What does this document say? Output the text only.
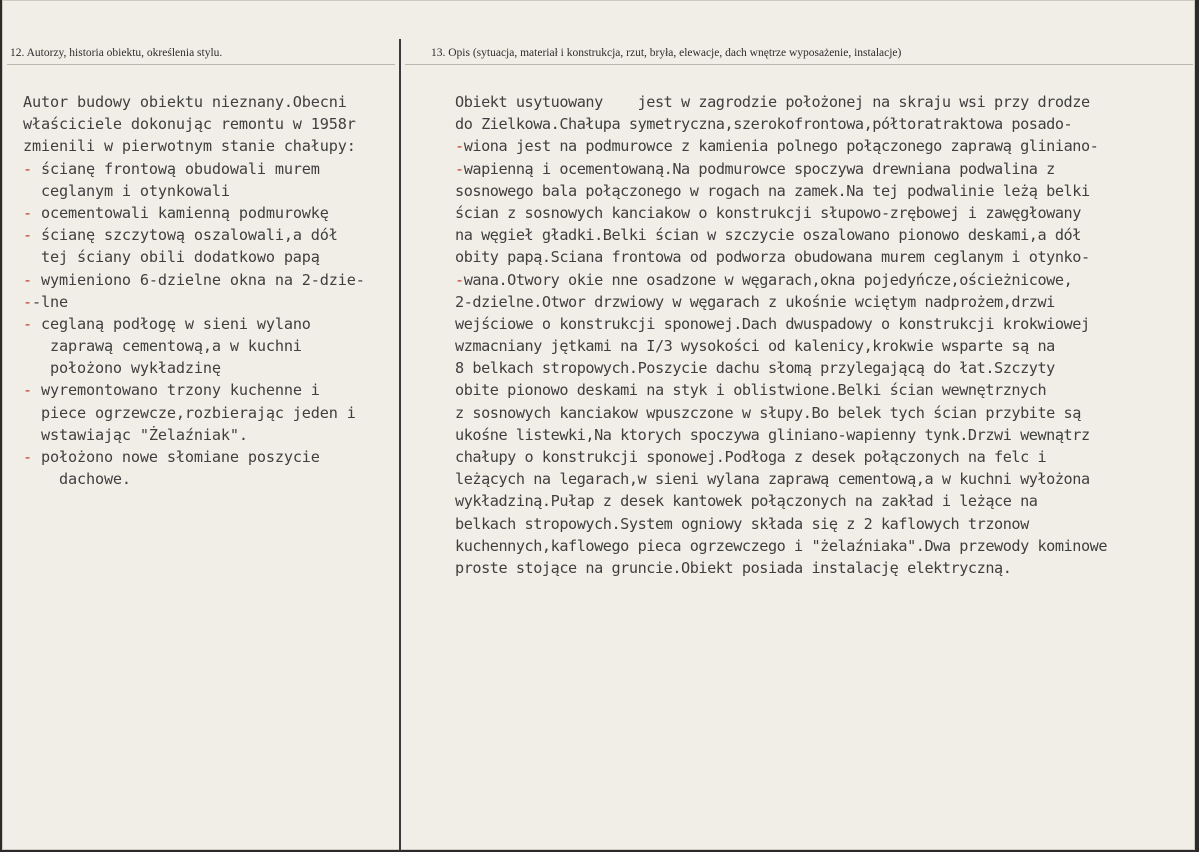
12. Autorzy, historia obiektu, określenia stylu.	13. Opis (sytuacja, materiał i konstrukcja, rzut, bryła, elewacje, dach wnętrze wyposażenie, instalacje)
Autor budowy obiektu nieznany.Obecni
właściciele dokonując remontu w 1958r
zmienili w pierwotnym stanie chałupy:
- ścianę frontową obudowali murem
ceglanym i otynkowali
- ocementowali kamienną podmurowkę
- ścianę szczytową oszalowali,a dół
tej ściany obili dodatkowo papą
- wymieniono 6-dzielne okna na 2-dzie-
--lne
- ceglaną podłogę w sieni wylano
zaprawą cementową,a w kuchni
położono wykładzinę
- wyremontowano trzony kuchenne i
piece ogrzewcze,rozbierając jeden i
wstawiając "Żelaźniak".
- położono nowe słomiane poszycie
dachowe.
Obiekt usytuowany    jest w zagrodzie położonej na skraju wsi przy drodze
do Zielkowa.Chałupa symetryczna,szerokofrontowa,półtoratraktowa posado-
-wiona jest na podmurowce z kamienia polnego połączonego zaprawą gliniano-
-wapienną i ocementowaną.Na podmurowce spoczywa drewniana podwalina z
sosnowego bala połączonego w rogach na zamek.Na tej podwalinie leżą belki
ścian z sosnowych kanciakow o konstrukcji słupowo-zrębowej i zawęgłowany
na węgieł gładki.Belki ścian w szczycie oszalowano pionowo deskami,a dół
obity papą.Sciana frontowa od podworza obudowana murem ceglanym i otynko-
-wana.Otwory okie nne osadzone w węgarach,okna pojedyńcze,ościeżnicowe,
2-dzielne.Otwor drzwiowy w węgarach z ukośnie wciętym nadprożem,drzwi
wejściowe o konstrukcji sponowej.Dach dwuspadowy o konstrukcji krokwiowej
wzmacniany jętkami na I/3 wysokości od kalenicy,krokwie wsparte są na
8 belkach stropowych.Poszycie dachu słomą przylegającą do łat.Szczyty
obite pionowo deskami na styk i oblistwione.Belki ścian wewnętrznych
z sosnowych kanciakow wpuszczone w słupy.Bo belek tych ścian przybite są
ukośne listewki,Na ktorych spoczywa gliniano-wapienny tynk.Drzwi wewnątrz
chałupy o konstrukcji sponowej.Podłoga z desek połączonych na felc i
leżących na legarach,w sieni wylana zaprawą cementową,a w kuchni wyłożona
wykładziną.Pułap z desek kantowek połączonych na zakład i leżące na
belkach stropowych.System ogniowy składa się z 2 kaflowych trzonow
kuchennych,kaflowego pieca ogrzewczego i "żelaźniaka".Dwa przewody kominowe
proste stojące na gruncie.Obiekt posiada instalację elektryczną.
